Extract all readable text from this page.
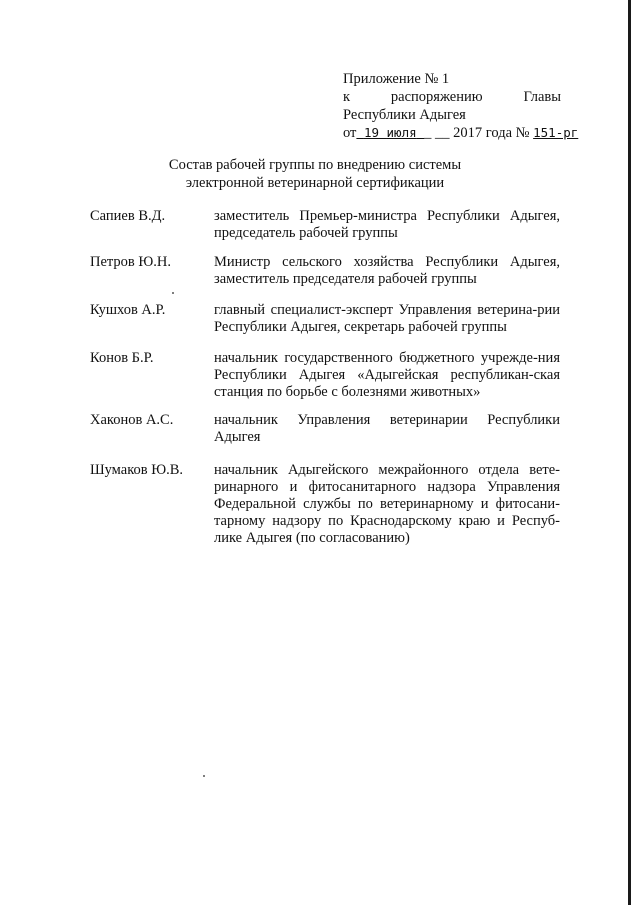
Приложение № 1
к	распоряжению	Главы
Республики Адыгея
от 19 июля _ __ 2017 года № 151-рг
Состав рабочей группы по внедрению системы
электронной ветеринарной сертификации
Сапиев В.Д.	заместитель Премьер-министра Республики Адыгея, председатель рабочей группы
Петров Ю.Н.	Министр сельского хозяйства Республики Адыгея, заместитель председателя рабочей группы
Кушхов А.Р.	главный специалист-эксперт Управления ветерина-рии Республики Адыгея, секретарь рабочей группы
Конов Б.Р.	начальник государственного бюджетного учрежде-ния Республики Адыгея «Адыгейская республикан-ская станция по борьбе с болезнями животных»
Хаконов А.С.	начальник Управления ветеринарии Республики Адыгея
Шумаков Ю.В.	начальник Адыгейского межрайонного отдела вете-ринарного и фитосанитарного надзора Управления Федеральной службы по ветеринарному и фитосани-тарному надзору по Краснодарскому краю и Респуб-лике Адыгея (по согласованию)
